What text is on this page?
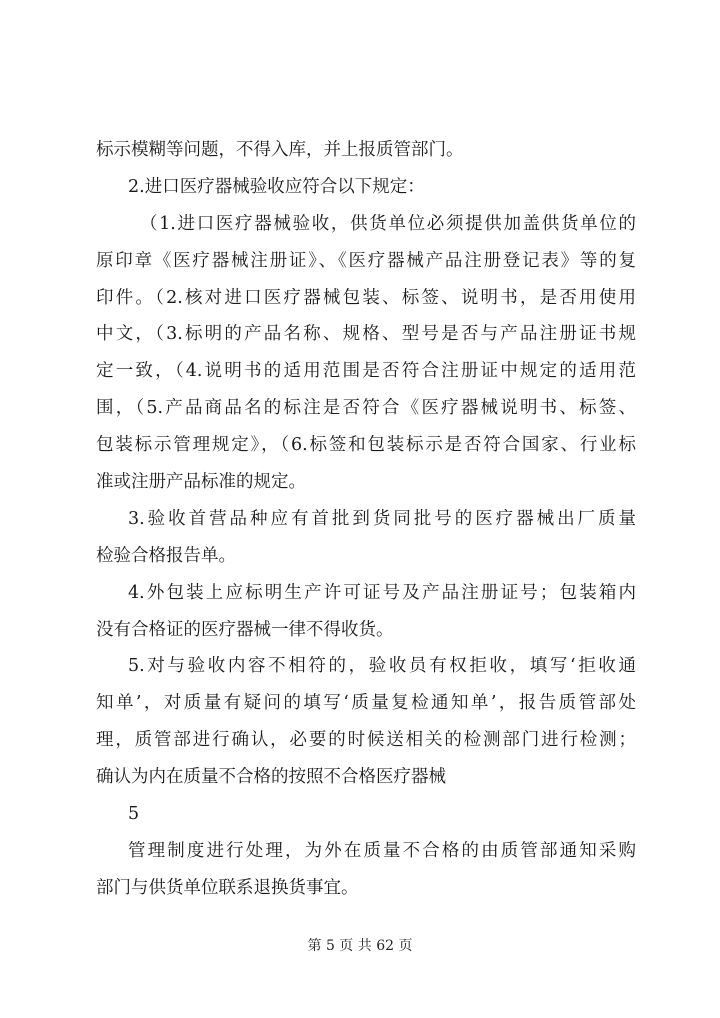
标示模糊等问题，不得入库，并上报质管部门。
2.进口医疗器械验收应符合以下规定：
（1.进口医疗器械验收，供货单位必须提供加盖供货单位的
原印章《医疗器械注册证》、《医疗器械产品注册登记表》等的复
印件。（2.核对进口医疗器械包装、标签、说明书，是否用使用
中文，（3.标明的产品名称、规格、型号是否与产品注册证书规
定一致，（4.说明书的适用范围是否符合注册证中规定的适用范
围，（5.产品商品名的标注是否符合《医疗器械说明书、标签、
包装标示管理规定》，（6.标签和包装标示是否符合国家、行业标
准或注册产品标准的规定。
3.验收首营品种应有首批到货同批号的医疗器械出厂质量
检验合格报告单。
4.外包装上应标明生产许可证号及产品注册证号；包装箱内
没有合格证的医疗器械一律不得收货。
5.对与验收内容不相符的，验收员有权拒收，填写‘拒收通
知单’，对质量有疑问的填写‘质量复检通知单’，报告质管部处
理，质管部进行确认，必要的时候送相关的检测部门进行检测；
确认为内在质量不合格的按照不合格医疗器械
5
管理制度进行处理，为外在质量不合格的由质管部通知采购
部门与供货单位联系退换货事宜。
第 5 页 共 62 页
